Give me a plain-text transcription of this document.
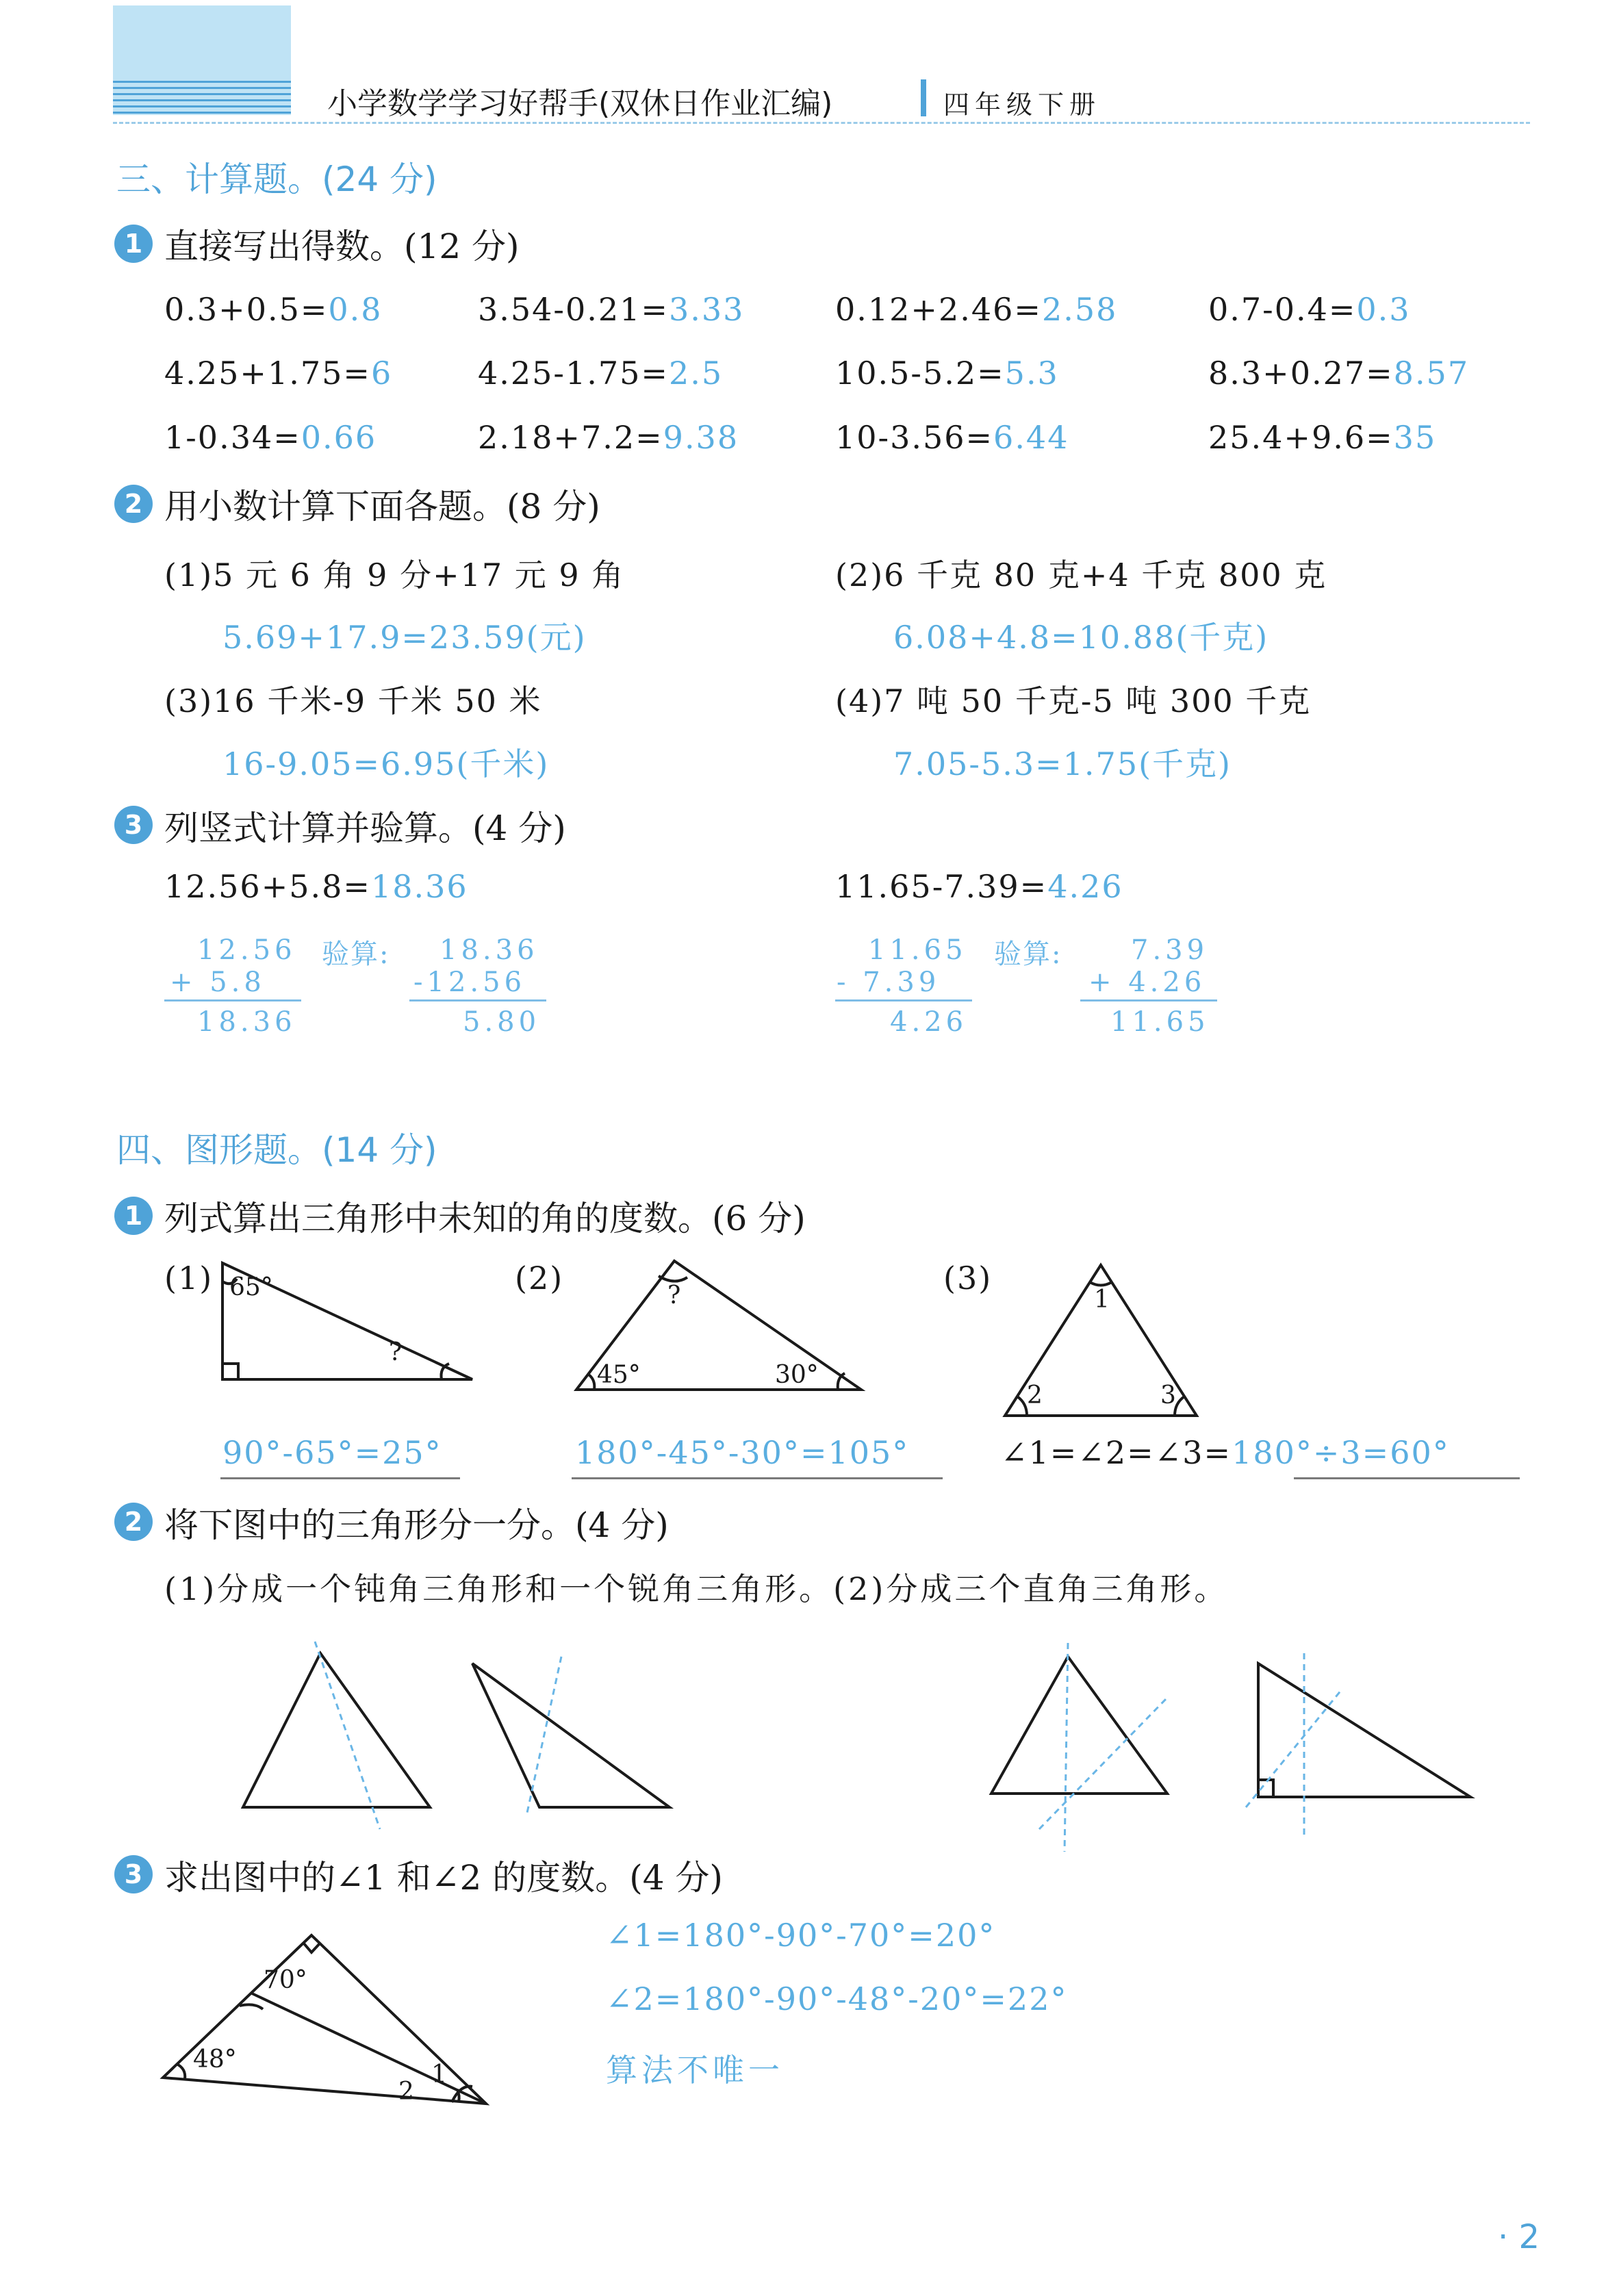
小学数学学习好帮手(双休日作业汇编)	四年级下册
三、计算题。(24 分)
1 直接写出得数。(12 分)
0.3+0.5=0.8	3.54-0.21=3.33	0.12+2.46=2.58	0.7-0.4=0.3
4.25+1.75=6	4.25-1.75=2.5	10.5-5.2=5.3	8.3+0.27=8.57
1-0.34=0.66	2.18+7.2=9.38	10-3.56=6.44	25.4+9.6=35
2 用小数计算下面各题。(8 分)
(1)5 元 6 角 9 分+17 元 9 角
5.69+17.9=23.59(元)
(2)6 千克 80 克+4 千克 800 克
6.08+4.8=10.88(千克)
(3)16 千米-9 千米 50 米
16-9.05=6.95(千米)
(4)7 吨 50 千克-5 吨 300 千克
7.05-5.3=1.75(千克)
3 列竖式计算并验算。(4 分)
12.56+5.8=18.36	11.65-7.39=4.26
12.56
+ 5.8
18.36
验算: 18.36
-12.56
5.80
11.65
- 7.39
4.26
验算:	7.39
+ 4.26
11.65
四、图形题。(14 分)
1 列式算出三角形中未知的角的度数。(6 分)
(1)	(2)	(3)
65°
?
?
45°	30°
1
2	3
90°-65°=25°	180°-45°-30°=105°	∠1=∠2=∠3=180°÷3=60°
2 将下图中的三角形分一分。(4 分)
(1)分成一个钝角三角形和一个锐角三角形。(2)分成三个直角三角形。
3 求出图中的∠1 和∠2 的度数。(4 分)
70°
48°
1
2
∠1=180°-90°-70°=20°
∠2=180°-90°-48°-20°=22°
算法不唯一
· 2
